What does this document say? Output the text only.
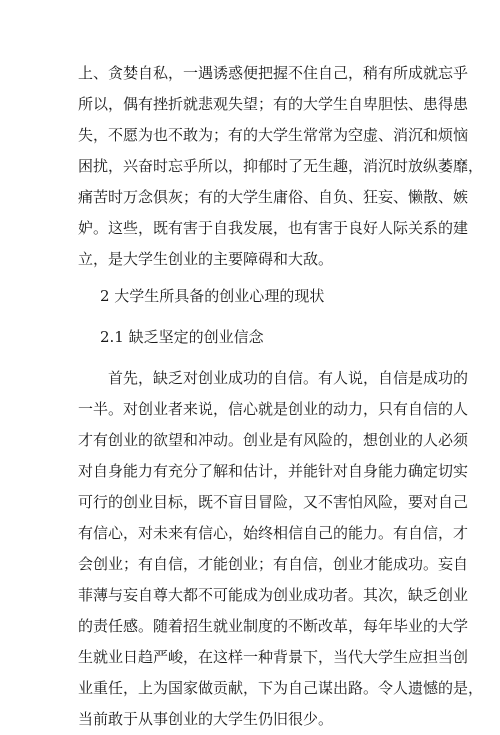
上、贪婪自私，一遇诱惑便把握不住自己，稍有所成就忘乎
所以，偶有挫折就悲观失望；有的大学生自卑胆怯、患得患
失，不愿为也不敢为；有的大学生常常为空虚、消沉和烦恼
困扰，兴奋时忘乎所以，抑郁时了无生趣，消沉时放纵萎靡，
痛苦时万念俱灰；有的大学生庸俗、自负、狂妄、懒散、嫉
妒。这些，既有害于自我发展，也有害于良好人际关系的建
立，是大学生创业的主要障碍和大敌。
2 大学生所具备的创业心理的现状
2.1 缺乏坚定的创业信念
首先，缺乏对创业成功的自信。有人说，自信是成功的
一半。对创业者来说，信心就是创业的动力，只有自信的人
才有创业的欲望和冲动。创业是有风险的，想创业的人必须
对自身能力有充分了解和估计，并能针对自身能力确定切实
可行的创业目标，既不盲目冒险，又不害怕风险，要对自己
有信心，对未来有信心，始终相信自己的能力。有自信，才
会创业；有自信，才能创业；有自信，创业才能成功。妄自
菲薄与妄自尊大都不可能成为创业成功者。其次，缺乏创业
的责任感。随着招生就业制度的不断改革，每年毕业的大学
生就业日趋严峻，在这样一种背景下，当代大学生应担当创
业重任，上为国家做贡献，下为自己谋出路。令人遗憾的是，
当前敢于从事创业的大学生仍旧很少。
